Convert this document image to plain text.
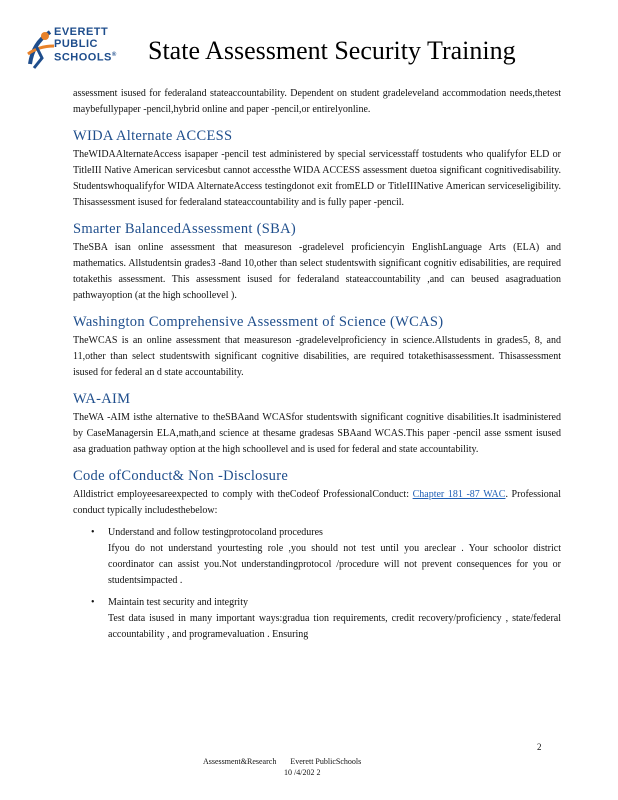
EVERETT
PUBLIC
SCHOOLS® State Assessment Security Training

assessment isused for federaland stateaccountability. Dependent on student gradeleveland accommodation needs,thetest maybefullypaper -pencil,hybrid online and paper -pencil,or entirelyonline.

WIDA Alternate ACCESS

TheWIDAAlternateAccess isapaper -pencil test administered by special servicesstaff tostudents who qualifyfor ELD or TitleIII Native American servicesbut cannot accessthe WIDA ACCESS assessment duetoa significant cognitivedisability. Studentswhoqualifyfor WIDA AlternateAccess testingdonot exit fromELD or TitleIIINative American serviceseligibility. Thisassessment isused for federaland stateaccountability and is fully paper -pencil.

Smarter BalancedAssessment (SBA)

TheSBA isan online assessment that measureson -gradelevel proficiencyin EnglishLanguage Arts (ELA) and mathematics. Allstudentsin grades3 -8and 10,other than select studentswith significant cognitiv edisabilities, are required totakethis assessment. This assessment isused for federaland stateaccountability ,and can beused asagraduation pathwayoption (at the high schoollevel ).

Washington Comprehensive Assessment of Science (WCAS)

TheWCAS is an online assessment that measureson -gradelevelproficiency in science.Allstudents in grades5, 8, and 11,other than select studentswith significant cognitive disabilities, are required totakethisassessment. Thisassessment isused for federal an d state accountability.

WA-AIM

TheWA -AIM isthe alternative to theSBAand WCASfor studentswith significant cognitive disabilities.It isadministered by CaseManagersin ELA,math,and science at thesame gradesas SBAand WCAS.This paper -pencil asse ssment isused asa graduation pathway option at the high schoollevel and is used for federal and state accountability.

Code ofConduct& Non -Disclosure

Alldistrict employeesareexpected to comply with theCodeof ProfessionalConduct: Chapter 181 -87 WAC. Professional conduct typically includesthebelow:

• Understand and follow testingprotocoland procedures

Ifyou do not understand yourtesting role ,you should not test until you areclear . Your schoolor district coordinator can assist you.Not understandingprotocol /procedure will not prevent consequences for you or studentsimpacted .

• Maintain test security and integrity

Test data isused in many important ways:gradua tion requirements, credit recovery/proficiency , state/federal accountability , and programevaluation . Ensuring

2
Assessment&Research Everett PublicSchools
10 /4/202 2
